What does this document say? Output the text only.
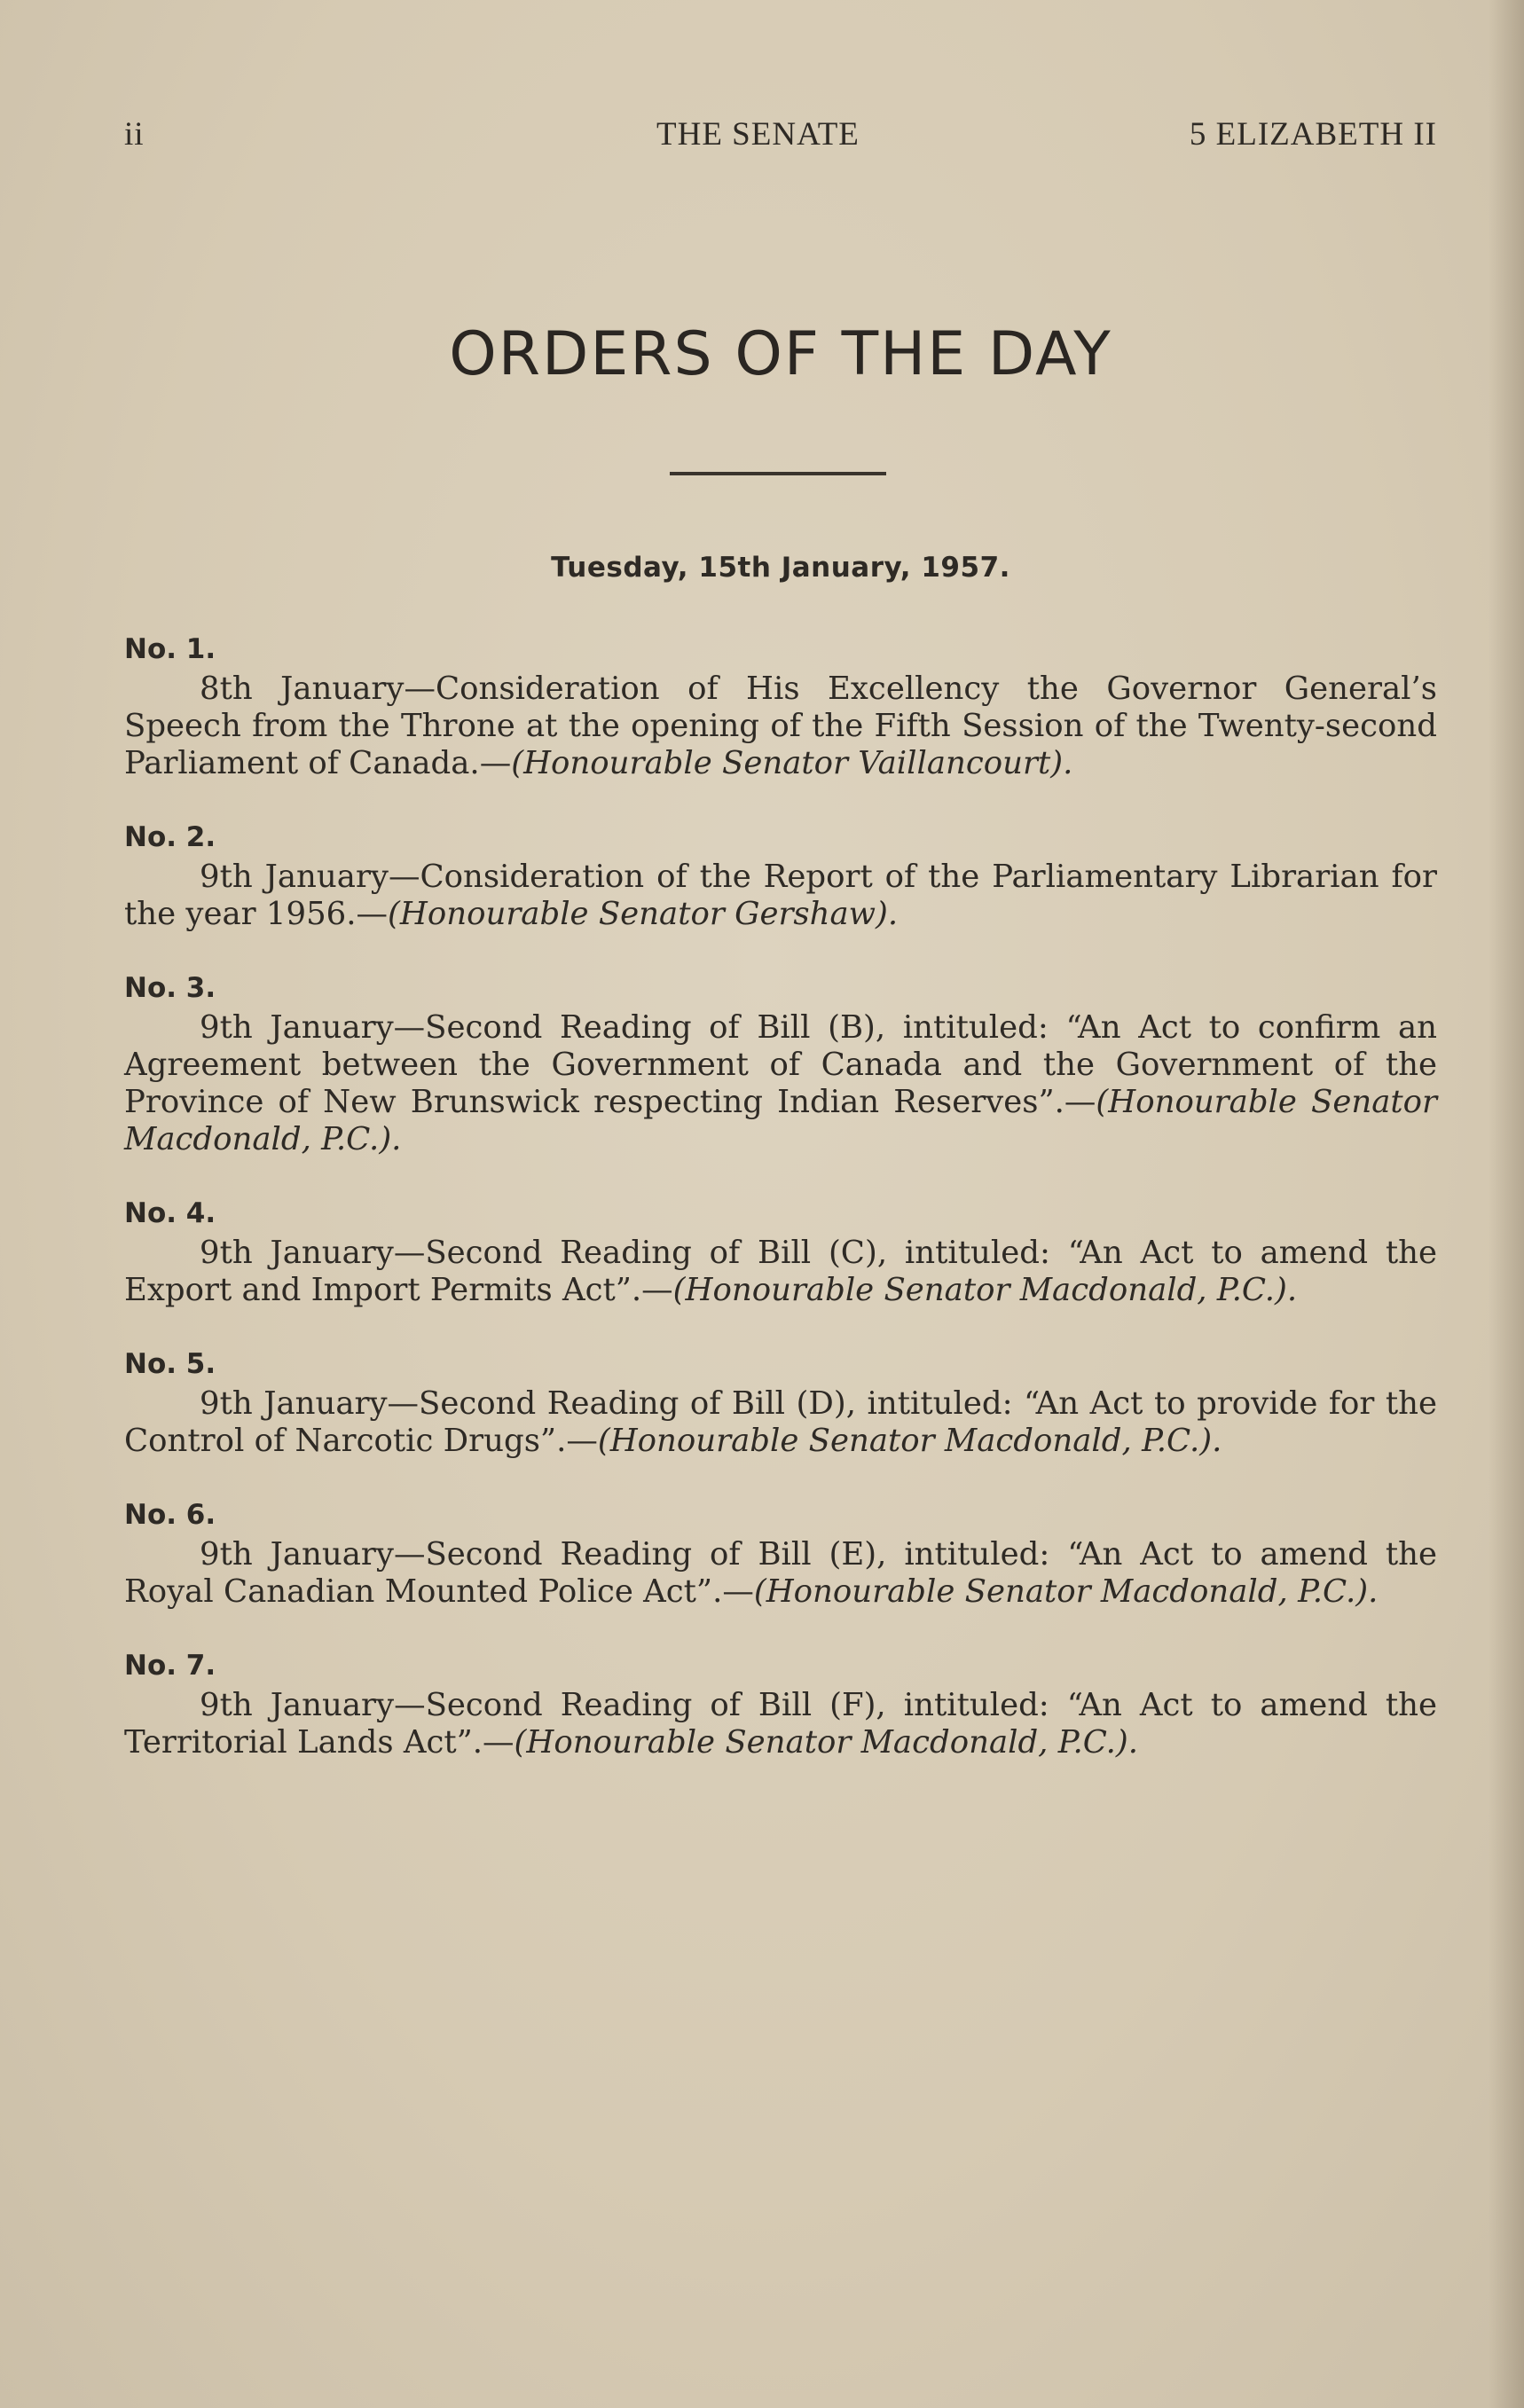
ii	THE SENATE	5 ELIZABETH II
ORDERS OF THE DAY
Tuesday, 15th January, 1957.
No. 1.
8th January—Consideration of His Excellency the Governor General’s Speech from the Throne at the opening of the Fifth Session of the Twenty-second Parliament of Canada.—(Honourable Senator Vaillancourt).
No. 2.
9th January—Consideration of the Report of the Parliamentary Librarian for the year 1956.—(Honourable Senator Gershaw).
No. 3.
9th January—Second Reading of Bill (B), intituled: “An Act to confirm an Agreement between the Government of Canada and the Government of the Province of New Brunswick respecting Indian Reserves”.—(Honourable Senator Macdonald, P.C.).
No. 4.
9th January—Second Reading of Bill (C), intituled: “An Act to amend the Export and Import Permits Act”.—(Honourable Senator Macdonald, P.C.).
No. 5.
9th January—Second Reading of Bill (D), intituled: “An Act to provide for the Control of Narcotic Drugs”.—(Honourable Senator Macdonald, P.C.).
No. 6.
9th January—Second Reading of Bill (E), intituled: “An Act to amend the Royal Canadian Mounted Police Act”.—(Honourable Senator Macdonald, P.C.).
No. 7.
9th January—Second Reading of Bill (F), intituled: “An Act to amend the Territorial Lands Act”.—(Honourable Senator Macdonald, P.C.).
